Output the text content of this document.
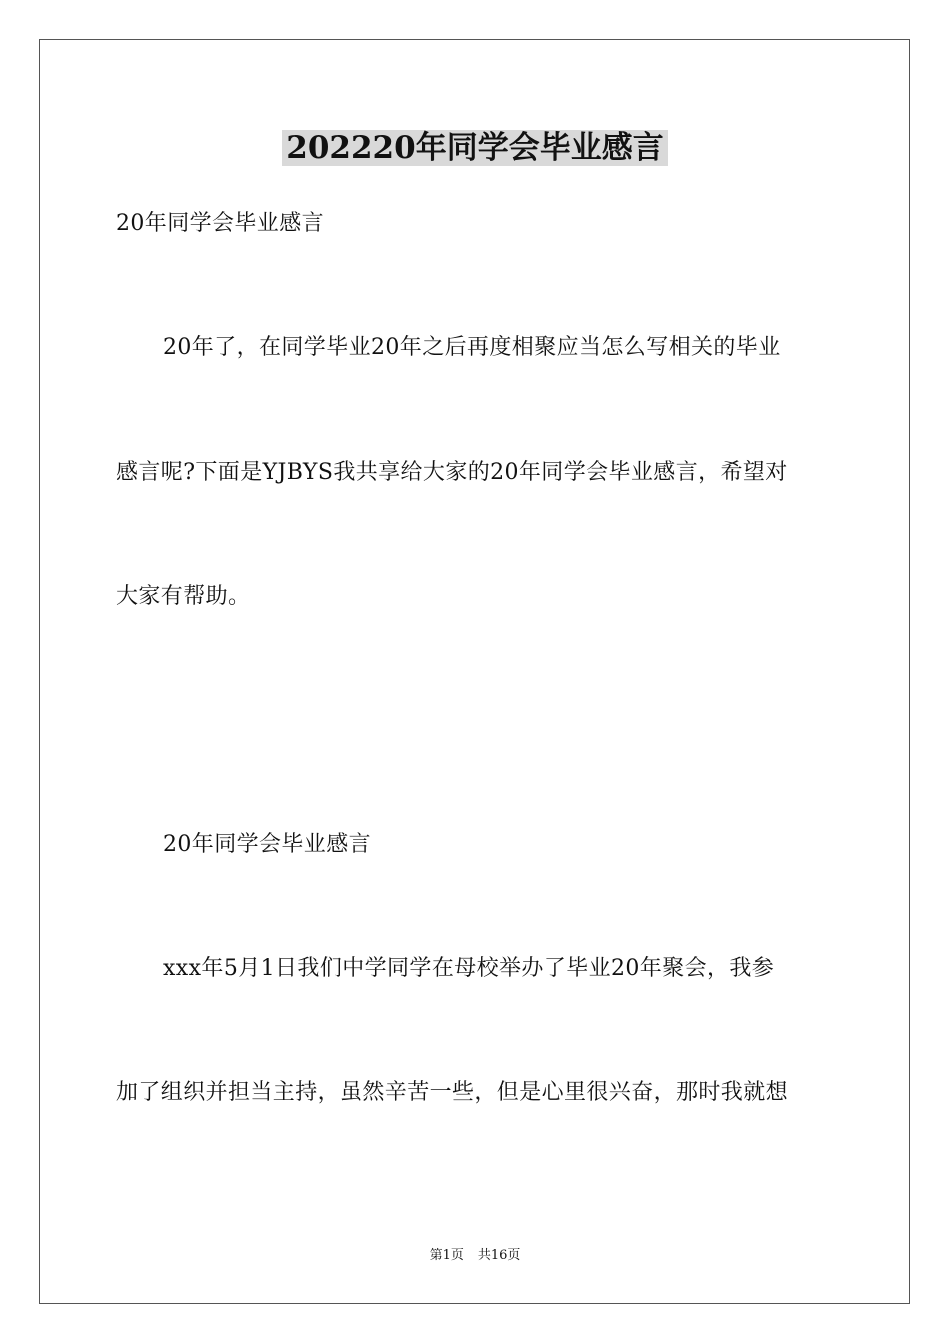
202220年同学会毕业感言
20年同学会毕业感言
20年了，在同学毕业20年之后再度相聚应当怎么写相关的毕业
感言呢?下面是YJBYS我共享给大家的20年同学会毕业感言，希望对
大家有帮助。
20年同学会毕业感言
xxx年5月1日我们中学同学在母校举办了毕业20年聚会，我参
加了组织并担当主持，虽然辛苦一些，但是心里很兴奋，那时我就想
第1页 共16页
